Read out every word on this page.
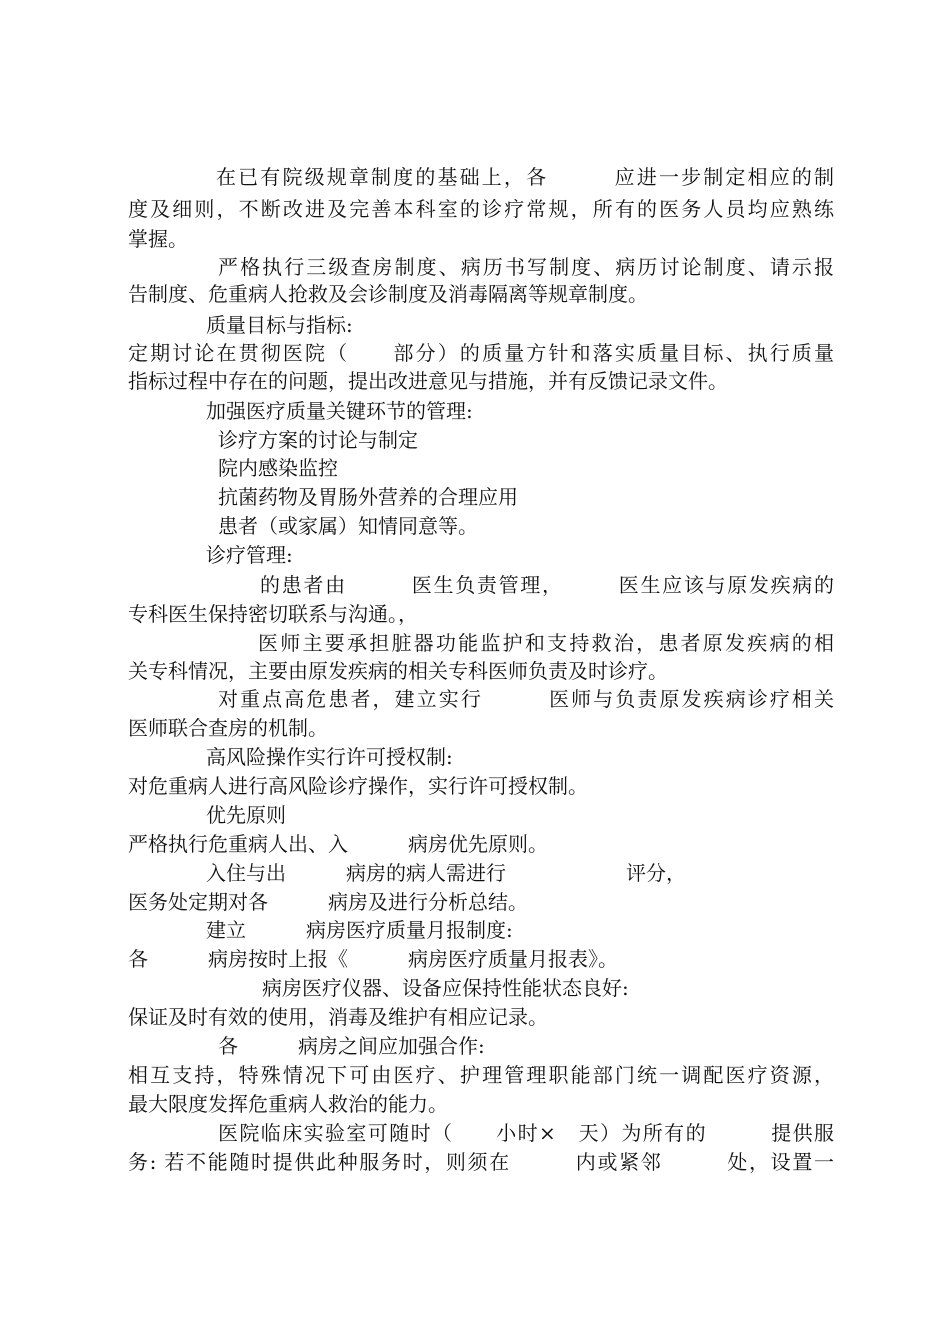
在已有院级规章制度的基础上，各　　　应进一步制定相应的制
度及细则，不断改进及完善本科室的诊疗常规，所有的医务人员均应熟练
掌握。
严格执行三级查房制度、病历书写制度、病历讨论制度、请示报
告制度、危重病人抢救及会诊制度及消毒隔离等规章制度。
质量目标与指标:
定期讨论在贯彻医院（　　部分）的质量方针和落实质量目标、执行质量
指标过程中存在的问题，提出改进意见与措施，并有反馈记录文件。
加强医疗质量关键环节的管理:
诊疗方案的讨论与制定
院内感染监控
抗菌药物及胃肠外营养的合理应用
患者（或家属）知情同意等。
诊疗管理:
的患者由　　　医生负责管理，　　　医生应该与原发疾病的
专科医生保持密切联系与沟通。，
医师主要承担脏器功能监护和支持救治，患者原发疾病的相
关专科情况，主要由原发疾病的相关专科医师负责及时诊疗。
对重点高危患者，建立实行　　　医师与负责原发疾病诊疗相关
医师联合查房的机制。
高风险操作实行许可授权制:
对危重病人进行高风险诊疗操作，实行许可授权制。
优先原则
严格执行危重病人出、入　　　病房优先原则。
入住与出　　　病房的病人需进行　　　　　　评分，
医务处定期对各　　　病房及进行分析总结。
建立　　　病房医疗质量月报制度:
各　　　病房按时上报《　　　病房医疗质量月报表》。
病房医疗仪器、设备应保持性能状态良好:
保证及时有效的使用，消毒及维护有相应记录。
各　　　病房之间应加强合作:
相互支持，特殊情况下可由医疗、护理管理职能部门统一调配医疗资源，
最大限度发挥危重病人救治的能力。
医院临床实验室可随时（　　小时×　天）为所有的　　　提供服
务: 若不能随时提供此种服务时，则须在　　　内或紧邻　　　处，设置一
